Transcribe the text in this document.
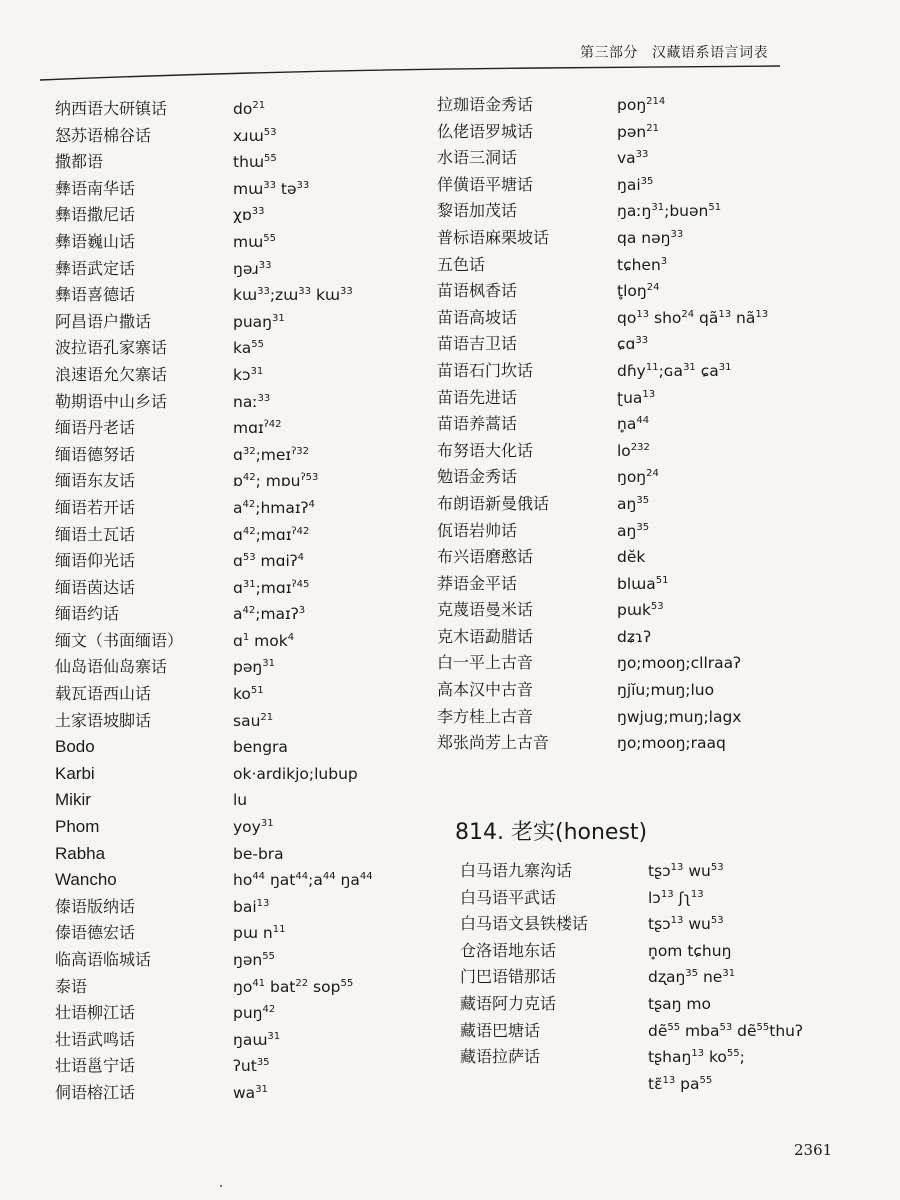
第三部分 汉藏语系语言词表
纳西语大研镇话	$do^{21}$
怒苏语棉谷话	xɹɯ$^{53}$
撒都语	thɯ$^{55}$
彝语南华话	mɯ$^{33}$ tə$^{33}$
彝语撒尼话	χɒ$^{33}$
彝语巍山话	mɯ$^{55}$
彝语武定话	ŋəɹ$^{33}$
彝语喜德话	kɯ$^{33}$;zɯ$^{33}$ kɯ$^{33}$
阿昌语户撒话	puaŋ$^{31}$
波拉语孔家寨话	$ka^{55}$
浪速语允欠寨话	kɔ$^{31}$
勒期语中山乡话	naː$^{33}$
缅语丹老话	mɑɪ$^{ʔ42}$
缅语德努话	ɑ$^{32}$;meɪ$^{ʔ32}$
缅语东友话	ɒ$^{42}$; mɒu$^{ʔ53}$
缅语若开话	$a^{42};hmaɪʔ^4$
缅语土瓦话	ɑ$^{42}$;mɑɪ$^{ʔ42}$
缅语仰光话	ɑ$^{53}$ mɑiʔ$^4$
缅语茵达话	ɑ$^{31}$;mɑɪ$^{ʔ45}$
缅语约话	$a^{42};maɪʔ^3$
缅文（书面缅语）	ɑ$^1$ mok$^4$
仙岛语仙岛寨话	pəŋ$^{31}$
载瓦语西山话	$ko^{51}$
土家语坡脚话	sau$^{21}$
Bodo	bengra
Karbi	ok·ardikjo;lubup
Mikir	lu
Phom	yoy$^{31}$
Rabha	be-bra
Wancho	$ho^{44}$ $ŋat^{44};a^{44}$ $ŋa^{44}$
傣语版纳话	bai$^{13}$
傣语德宏话	pɯ $n^{11}$
临高语临城话	ŋən$^{55}$
泰语	$ŋo^{41}$ bat$^{22}$ sop$^{55}$
壮语柳江话	puŋ$^{42}$
壮语武鸣话	ŋaɯ$^{31}$
壮语邕宁话	ʔut$^{35}$
侗语榕江话	$wa^{31}$
拉珈语金秀话	poŋ$^{214}$
仫佬语罗城话	pən$^{21}$
水语三洞话	$va^{33}$
佯僙语平塘话	ŋai$^{35}$
黎语加茂话	ŋaːŋ$^{31}$;buən$^{51}$
普标语麻栗坡话	qa nəŋ$^{33}$
五色话	tɕhen$^3$
苗语枫香话	t̥loŋ$^{24}$
苗语高坡话	$qo^{13}$ sho$^{24}$ $qã^{13}$ $nã^{13}$
苗语吉卫话	ɕɑ$^{33}$
苗语石门坎话	dɦy$^{11}$;ɢa$^{31}$ ɕa$^{31}$
苗语先进话	ʈua$^{13}$
苗语养蒿话	$n̥a^{44}$
布努语大化话	$lo^{232}$
勉语金秀话	ŋoŋ$^{24}$
布朗语新曼俄话	$aŋ^{35}$
佤语岩帅话	$aŋ^{35}$
布兴语磨憨话	dĕk
莽语金平话	blɯa$^{51}$
克蔑语曼米话	pɯk$^{53}$
克木语勐腊话	dʑɿʔ
白一平上古音	ŋo;mooŋ;cllraaʔ
高本汉中古音	ŋjĭu;muŋ;luo
李方桂上古音	ŋwjug;muŋ;lagx
郑张尚芳上古音	ŋo;mooŋ;raaq
814. 老实(honest)
白马语九寨沟话	tʂɔ$^{13}$ $wu^{53}$
白马语平武话	lɔ$^{13}$ ʃʅ$^{13}$
白马语文县铁楼话	tʂɔ$^{13}$ $wu^{53}$
仓洛语地东话	n̥om tɕhuŋ
门巴语错那话	dʐaŋ$^{35}$ $ne^{31}$
藏语阿力克话	tʂaŋ mo
藏语巴塘话	dẽ$^{55}$ mba$^{53}$ dẽ$^{55}$thuʔ
藏语拉萨话	tʂhaŋ$^{13}$ $ko^{55}$;
tɛ̃$^{13}$ $pa^{55}$
2361
